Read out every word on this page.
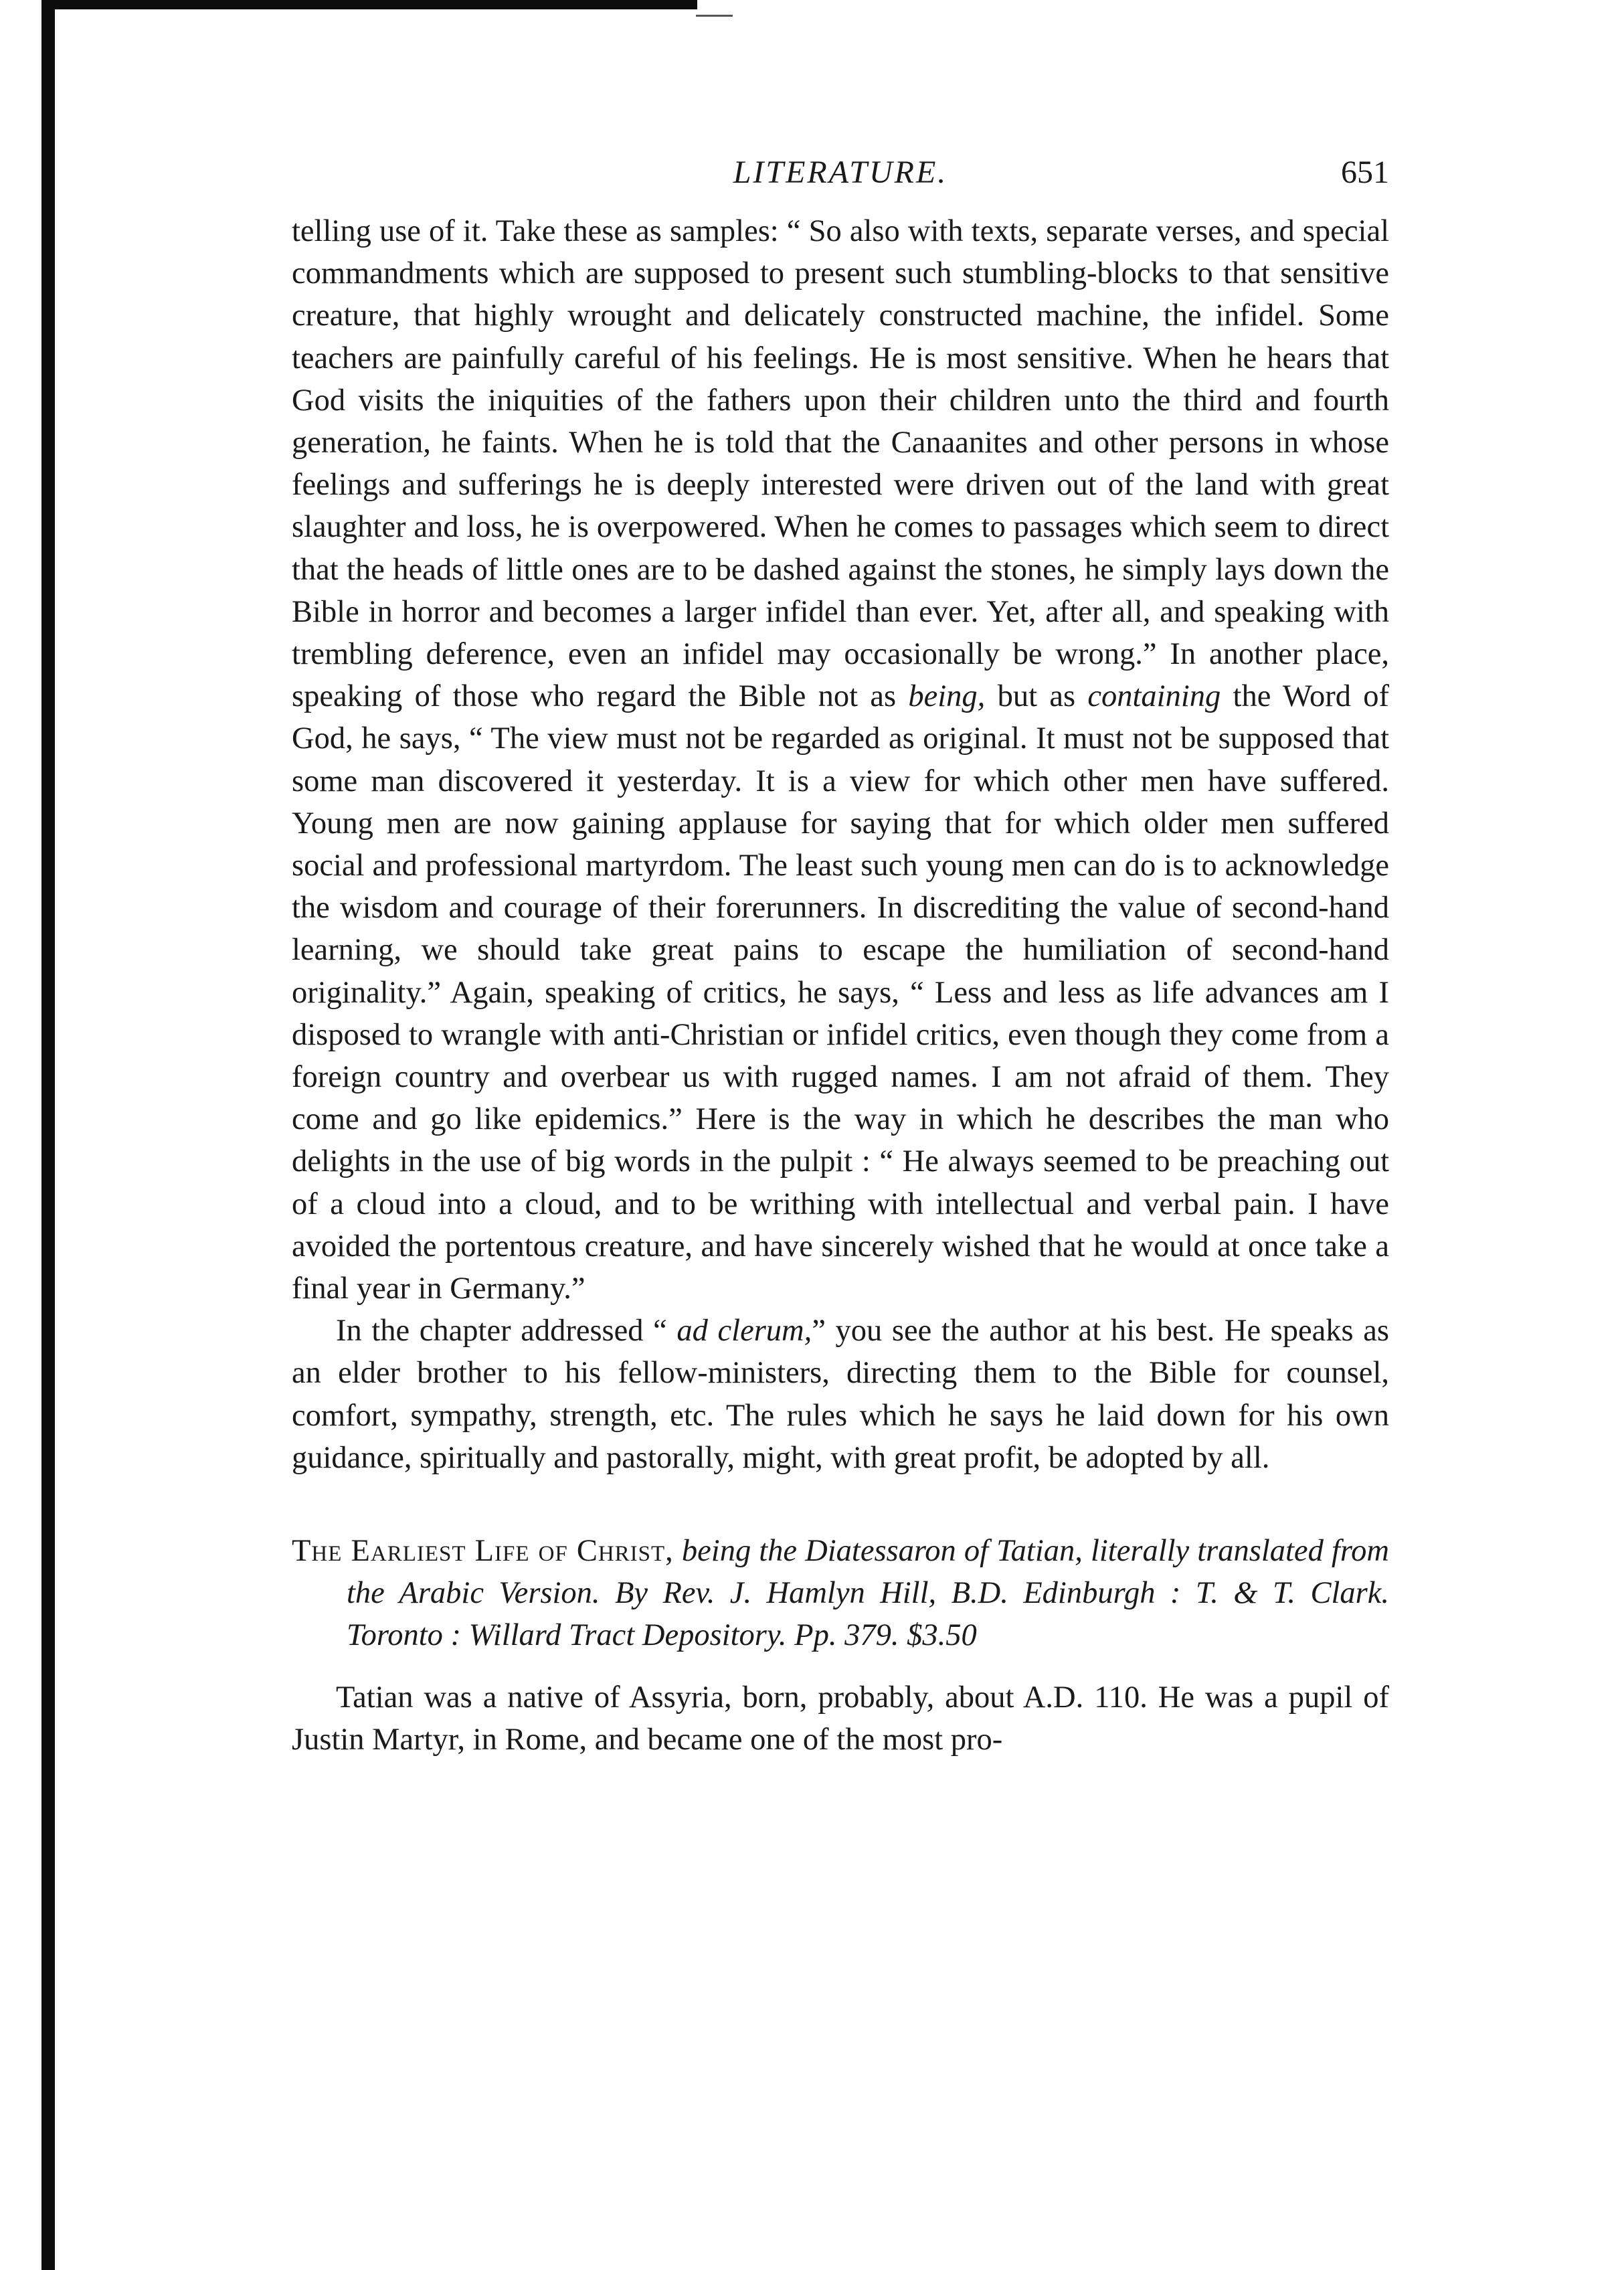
LITERATURE.	651

telling use of it. Take these as samples: “ So also with texts, separate verses, and special commandments which are supposed to present such stumbling-blocks to that sensitive creature, that highly wrought and delicately constructed machine, the infidel. Some teachers are painfully careful of his feelings. He is most sensitive. When he hears that God visits the iniquities of the fathers upon their children unto the third and fourth generation, he faints. When he is told that the Canaanites and other persons in whose feelings and sufferings he is deeply interested were driven out of the land with great slaughter and loss, he is overpowered. When he comes to passages which seem to direct that the heads of little ones are to be dashed against the stones, he simply lays down the Bible in horror and becomes a larger infidel than ever. Yet, after all, and speaking with trembling deference, even an infidel may occasionally be wrong.” In another place, speaking of those who regard the Bible not as being, but as containing the Word of God, he says, “ The view must not be regarded as original. It must not be supposed that some man discovered it yesterday. It is a view for which other men have suffered. Young men are now gaining applause for saying that for which older men suffered social and professional martyrdom. The least such young men can do is to acknowledge the wisdom and courage of their forerunners. In discrediting the value of second-hand learning, we should take great pains to escape the humiliation of second-hand originality.” Again, speaking of critics, he says, “ Less and less as life advances am I disposed to wrangle with anti-Christian or infidel critics, even though they come from a foreign country and overbear us with rugged names. I am not afraid of them. They come and go like epidemics.” Here is the way in which he describes the man who delights in the use of big words in the pulpit : “ He always seemed to be preaching out of a cloud into a cloud, and to be writhing with intellectual and verbal pain. I have avoided the portentous creature, and have sincerely wished that he would at once take a final year in Germany.”

In the chapter addressed “ ad clerum,” you see the author at his best. He speaks as an elder brother to his fellow-ministers, directing them to the Bible for counsel, comfort, sympathy, strength, etc. The rules which he says he laid down for his own guidance, spiritually and pastorally, might, with great profit, be adopted by all.

The Earliest Life of Christ, being the Diatessaron of Tatian, literally translated from the Arabic Version. By Rev. J. Hamlyn Hill, B.D. Edinburgh : T. & T. Clark. Toronto : Willard Tract Depository. Pp. 379. $3.50

Tatian was a native of Assyria, born, probably, about A.D. 110. He was a pupil of Justin Martyr, in Rome, and became one of the most pro-
